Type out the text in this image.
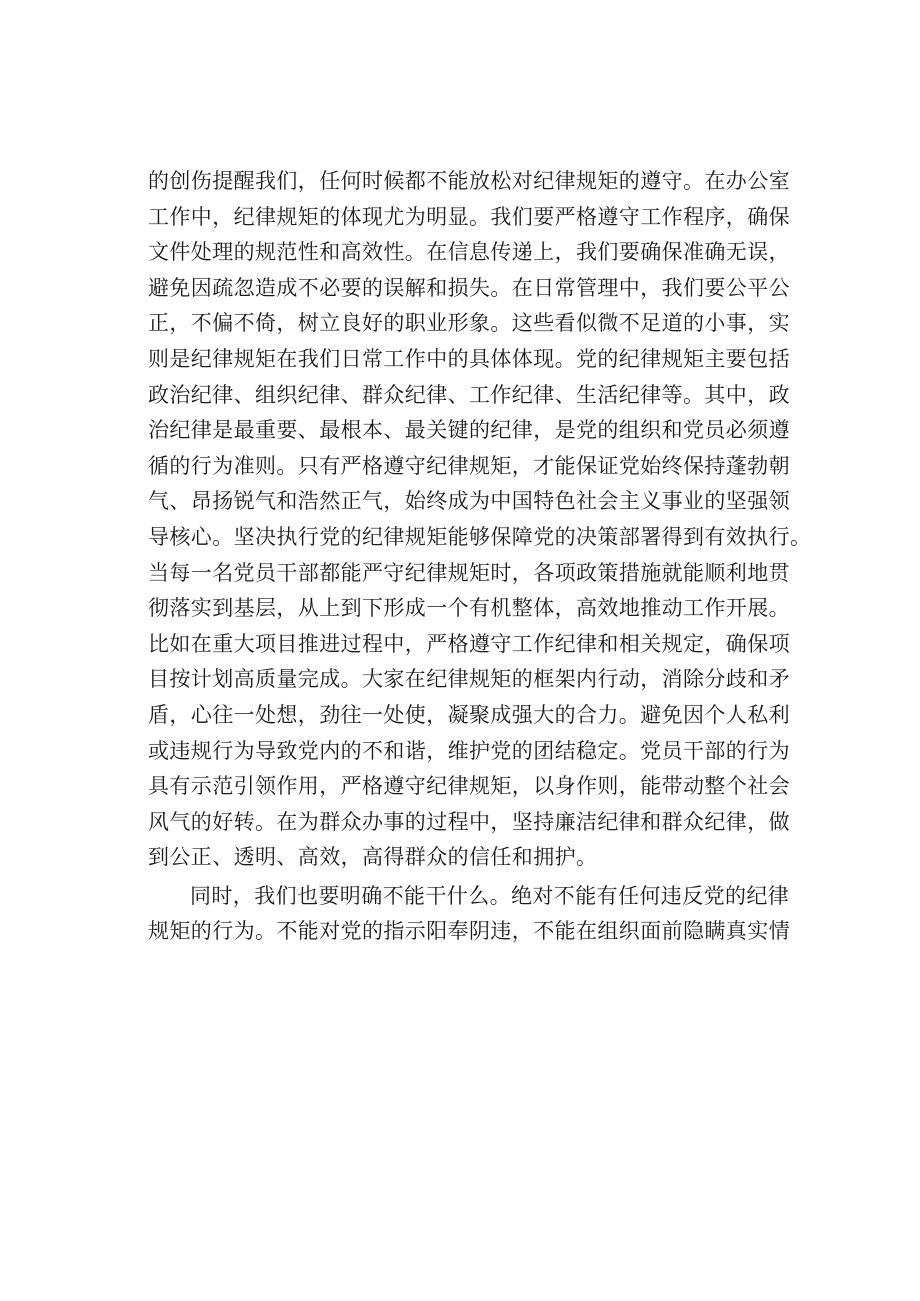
的创伤提醒我们，任何时候都不能放松对纪律规矩的遵守。在办公室
工作中，纪律规矩的体现尤为明显。我们要严格遵守工作程序，确保
文件处理的规范性和高效性。在信息传递上，我们要确保准确无误，
避免因疏忽造成不必要的误解和损失。在日常管理中，我们要公平公
正，不偏不倚，树立良好的职业形象。这些看似微不足道的小事，实
则是纪律规矩在我们日常工作中的具体体现。党的纪律规矩主要包括
政治纪律、组织纪律、群众纪律、工作纪律、生活纪律等。其中，政
治纪律是最重要、最根本、最关键的纪律，是党的组织和党员必须遵
循的行为准则。只有严格遵守纪律规矩，才能保证党始终保持蓬勃朝
气、昂扬锐气和浩然正气，始终成为中国特色社会主义事业的坚强领
导核心。坚决执行党的纪律规矩能够保障党的决策部署得到有效执行。
当每一名党员干部都能严守纪律规矩时，各项政策措施就能顺利地贯
彻落实到基层，从上到下形成一个有机整体，高效地推动工作开展。
比如在重大项目推进过程中，严格遵守工作纪律和相关规定，确保项
目按计划高质量完成。大家在纪律规矩的框架内行动，消除分歧和矛
盾，心往一处想，劲往一处使，凝聚成强大的合力。避免因个人私利
或违规行为导致党内的不和谐，维护党的团结稳定。党员干部的行为
具有示范引领作用，严格遵守纪律规矩，以身作则，能带动整个社会
风气的好转。在为群众办事的过程中，坚持廉洁纪律和群众纪律，做
到公正、透明、高效，高得群众的信任和拥护。
同时，我们也要明确不能干什么。绝对不能有任何违反党的纪律
规矩的行为。不能对党的指示阳奉阴违，不能在组织面前隐瞒真实情
